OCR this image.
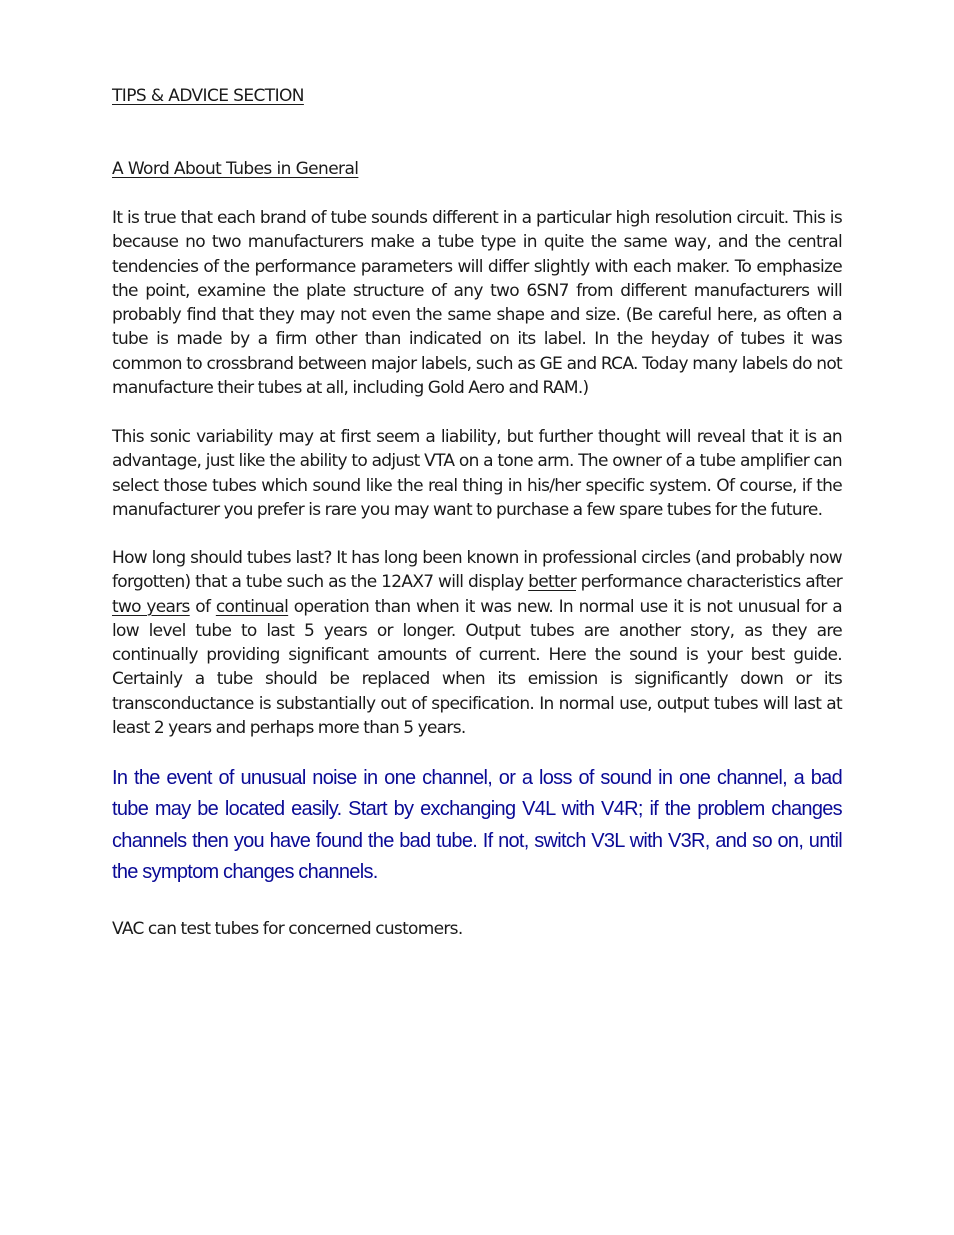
TIPS & ADVICE SECTION
A Word About Tubes in General

It is true that each brand of tube sounds different in a particular high resolution circuit. This is because no two manufacturers make a tube type in quite the same way, and the central tendencies of the performance parameters will differ slightly with each maker. To emphasize the point, examine the plate structure of any two 6SN7 from different manufacturers will probably find that they may not even the same shape and size. (Be careful here, as often a tube is made by a firm other than indicated on its label. In the heyday of tubes it was common to crossbrand between major labels, such as GE and RCA. Today many labels do not manufacture their tubes at all, including Gold Aero and RAM.)

This sonic variability may at first seem a liability, but further thought will reveal that it is an advantage, just like the ability to adjust VTA on a tone arm. The owner of a tube amplifier can select those tubes which sound like the real thing in his/her specific system. Of course, if the manufacturer you prefer is rare you may want to purchase a few spare tubes for the future.

How long should tubes last? It has long been known in professional circles (and probably now forgotten) that a tube such as the 12AX7 will display better performance characteristics after two years of continual operation than when it was new. In normal use it is not unusual for a low level tube to last 5 years or longer. Output tubes are another story, as they are continually providing significant amounts of current. Here the sound is your best guide. Certainly a tube should be replaced when its emission is significantly down or its transconductance is substantially out of specification. In normal use, output tubes will last at least 2 years and perhaps more than 5 years.

In the event of unusual noise in one channel, or a loss of sound in one channel, a bad tube may be located easily. Start by exchanging V4L with V4R; if the problem changes channels then you have found the bad tube. If not, switch V3L with V3R, and so on, until the symptom changes channels.

VAC can test tubes for concerned customers.
